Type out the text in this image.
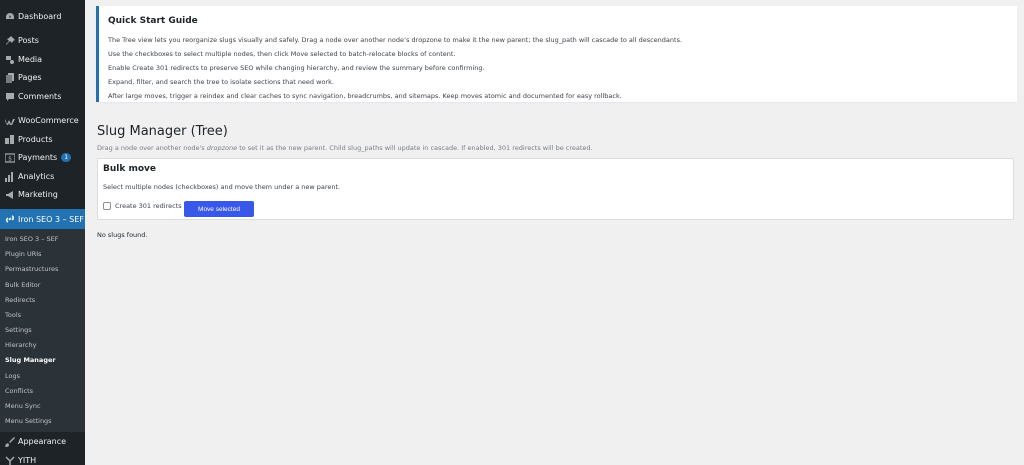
Dashboard
Posts
Media
Pages
Comments
WooCommerce
Products
$ Payments 1
Analytics
Marketing
Iron SEO 3 – SEF
Iron SEO 3 – SEF
Plugin URIs
Permastructures
Bulk Editor
Redirects
Tools
Settings
Hierarchy
Slug Manager
Logs
Conflicts
Menu Sync
Menu Settings
Appearance
YITH
Quick Start Guide

The Tree view lets you reorganize slugs visually and safely. Drag a node over another node’s dropzone to make it the new parent; the slug_path will cascade to all descendants.

Use the checkboxes to select multiple nodes, then click Move selected to batch-relocate blocks of content.

Enable Create 301 redirects to preserve SEO while changing hierarchy, and review the summary before confirming.

Expand, filter, and search the tree to isolate sections that need work.

After large moves, trigger a reindex and clear caches to sync navigation, breadcrumbs, and sitemaps. Keep moves atomic and documented for easy rollback.

Slug Manager (Tree)
Drag a node over another node's dropzone to set it as the new parent. Child slug_paths will update in cascade. If enabled, 301 redirects will be created.
Bulk move
Select multiple nodes (checkboxes) and move them under a new parent.
Create 301 redirects	Move selected
No slugs found.
